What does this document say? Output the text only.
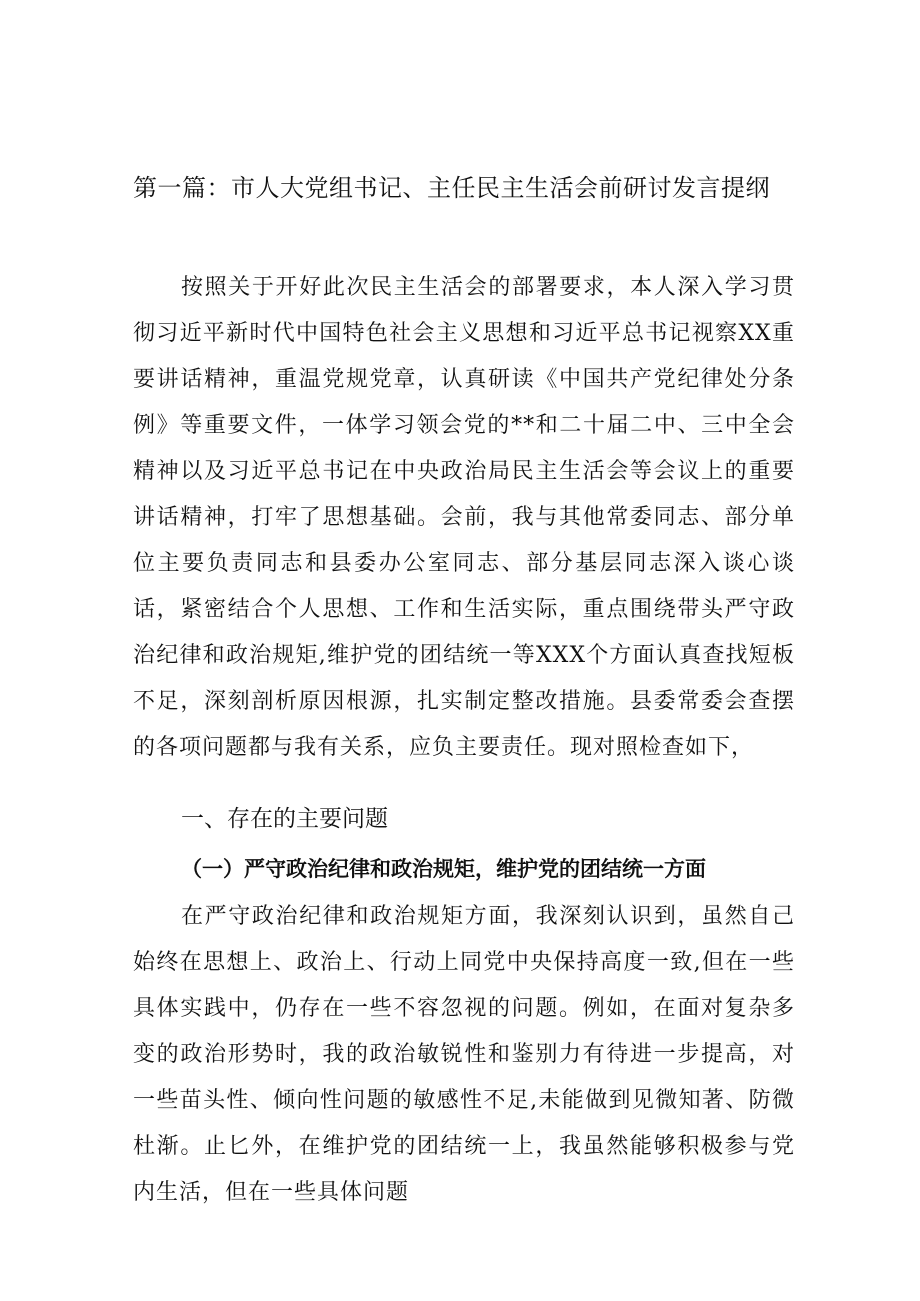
第一篇：市人大党组书记、主任民主生活会前研讨发言提纲

按照关于开好此次民主生活会的部署要求，本人深入学习贯彻习近平新时代中国特色社会主义思想和习近平总书记视察XX重要讲话精神，重温党规党章，认真研读《中国共产党纪律处分条例》等重要文件，一体学习领会党的**和二十届二中、三中全会精神以及习近平总书记在中央政治局民主生活会等会议上的重要讲话精神，打牢了思想基础。会前，我与其他常委同志、部分单位主要负责同志和县委办公室同志、部分基层同志深入谈心谈话，紧密结合个人思想、工作和生活实际，重点围绕带头严守政治纪律和政治规矩,维护党的团结统一等XXX个方面认真查找短板不足，深刻剖析原因根源，扎实制定整改措施。县委常委会查摆的各项问题都与我有关系，应负主要责任。现对照检查如下，

一、存在的主要问题
（一）严守政治纪律和政治规矩，维护党的团结统一方面

在严守政治纪律和政治规矩方面，我深刻认识到，虽然自己始终在思想上、政治上、行动上同党中央保持高度一致,但在一些具体实践中，仍存在一些不容忽视的问题。例如，在面对复杂多变的政治形势时，我的政治敏锐性和鉴别力有待进一步提高，对一些苗头性、倾向性问题的敏感性不足,未能做到见微知著、防微杜渐。止匕外，在维护党的团结统一上，我虽然能够积极参与党内生活，但在一些具体问题
